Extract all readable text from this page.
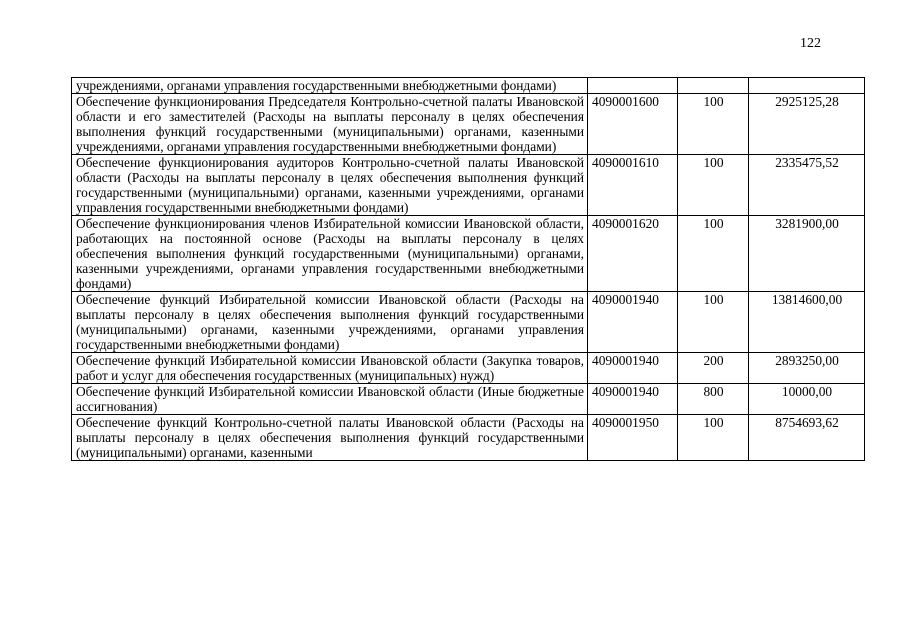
122
учреждениями, органами управления государственными внебюджетными фондами)			
Обеспечение функционирования Председателя Контрольно-счетной палаты Ивановской области и его заместителей (Расходы на выплаты персоналу в целях обеспечения выполнения функций государственными (муниципальными) органами, казенными учреждениями, органами управления государственными внебюджетными фондами)	4090001600	100	2925125,28
Обеспечение функционирования аудиторов Контрольно-счетной палаты Ивановской области (Расходы на выплаты персоналу в целях обеспечения выполнения функций государственными (муниципальными) органами, казенными учреждениями, органами управления государственными внебюджетными фондами)	4090001610	100	2335475,52
Обеспечение функционирования членов Избирательной комиссии Ивановской области, работающих на постоянной основе (Расходы на выплаты персоналу в целях обеспечения выполнения функций государственными (муниципальными) органами, казенными учреждениями, органами управления государственными внебюджетными фондами)	4090001620	100	3281900,00
Обеспечение функций Избирательной комиссии Ивановской области (Расходы на выплаты персоналу в целях обеспечения выполнения функций государственными (муниципальными) органами, казенными учреждениями, органами управления государственными внебюджетными фондами)	4090001940	100	13814600,00
Обеспечение функций Избирательной комиссии Ивановской области (Закупка товаров, работ и услуг для обеспечения государственных (муниципальных) нужд)	4090001940	200	2893250,00
Обеспечение функций Избирательной комиссии Ивановской области (Иные бюджетные ассигнования)	4090001940	800	10000,00
Обеспечение функций Контрольно-счетной палаты Ивановской области (Расходы на выплаты персоналу в целях обеспечения выполнения функций государственными (муниципальными) органами, казенными	4090001950	100	8754693,62
